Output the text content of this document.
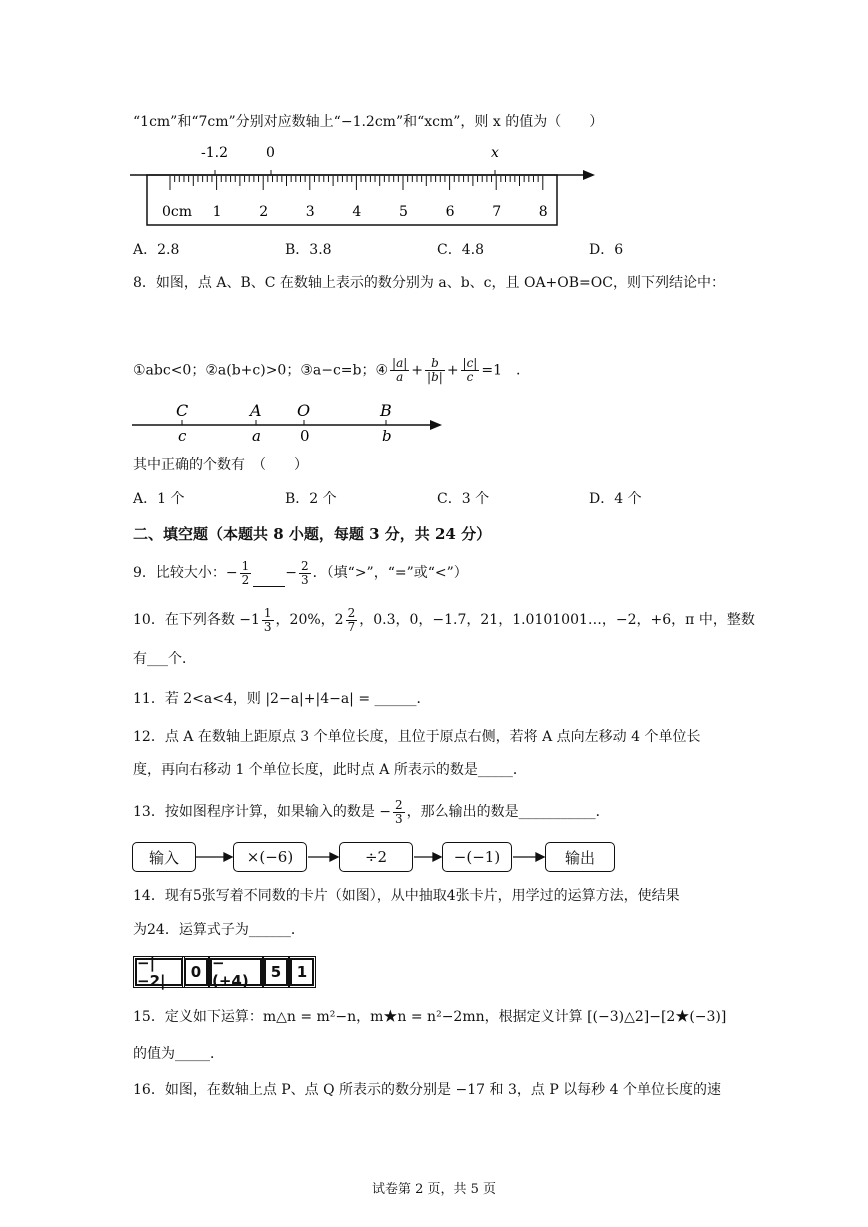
“1cm”和“7cm”分别对应数轴上“−1.2cm”和“xcm”，则 x 的值为（　　）
-1.2	0	x
0cm 1	2	3	4	5	6	7	8
A．2.8	B．3.8	C．4.8	D．6
8．如图，点 A、B、C 在数轴上表示的数分别为 a、b、c，且 OA+OB=OC，则下列结论中：
①abc<0；②a(b+c)>0；③a−c=b；④ $\frac{|a|}{a} + \frac{b}{|b|} + \frac{|c|}{c} =1$　.
C	A O	B
c	a	0	b
其中正确的个数有　（　　）
A．1 个	B．2 个	C．3 个	D．4 个
二、填空题（本题共 8 小题，每题 3 分，共 24 分）
9．比较大小：− $\frac{1}{2} - \frac{2}{3}$ ．（填“>”，“=”或“<”）
10．在下列各数 $-1 \frac{1}{3}$ ，20%，$2 \frac{2}{7}$ ，0.3，0，−1.7，21，1.0101001…，−2，+6，π 中，整数
有___个．
11．若 2<a<4，则 |2−a|+|4−a| = ______．
12．点 A 在数轴上距原点 3 个单位长度，且位于原点右侧，若将 A 点向左移动 4 个单位长
度，再向右移动 1 个单位长度，此时点 A 所表示的数是_____．
13．按如图程序计算，如果输入的数是 − $\frac{2}{3}$ ，那么输出的数是___________．
输入	×(−6)	÷2	−(−1)	输出
14．现有5张写着不同数的卡片（如图），从中抽取4张卡片，用学过的运算方法，使结果
为24．运算式子为______．
−|−2|	0 −(+4)	5	1
15．定义如下运算：m△n = m²−n，m★n = n²−2mn，根据定义计算 [(−3)△2]−[2★(−3)]
的值为_____．
16．如图，在数轴上点 P、点 Q 所表示的数分别是 −17 和 3，点 P 以每秒 4 个单位长度的速
试卷第 2 页，共 5 页
